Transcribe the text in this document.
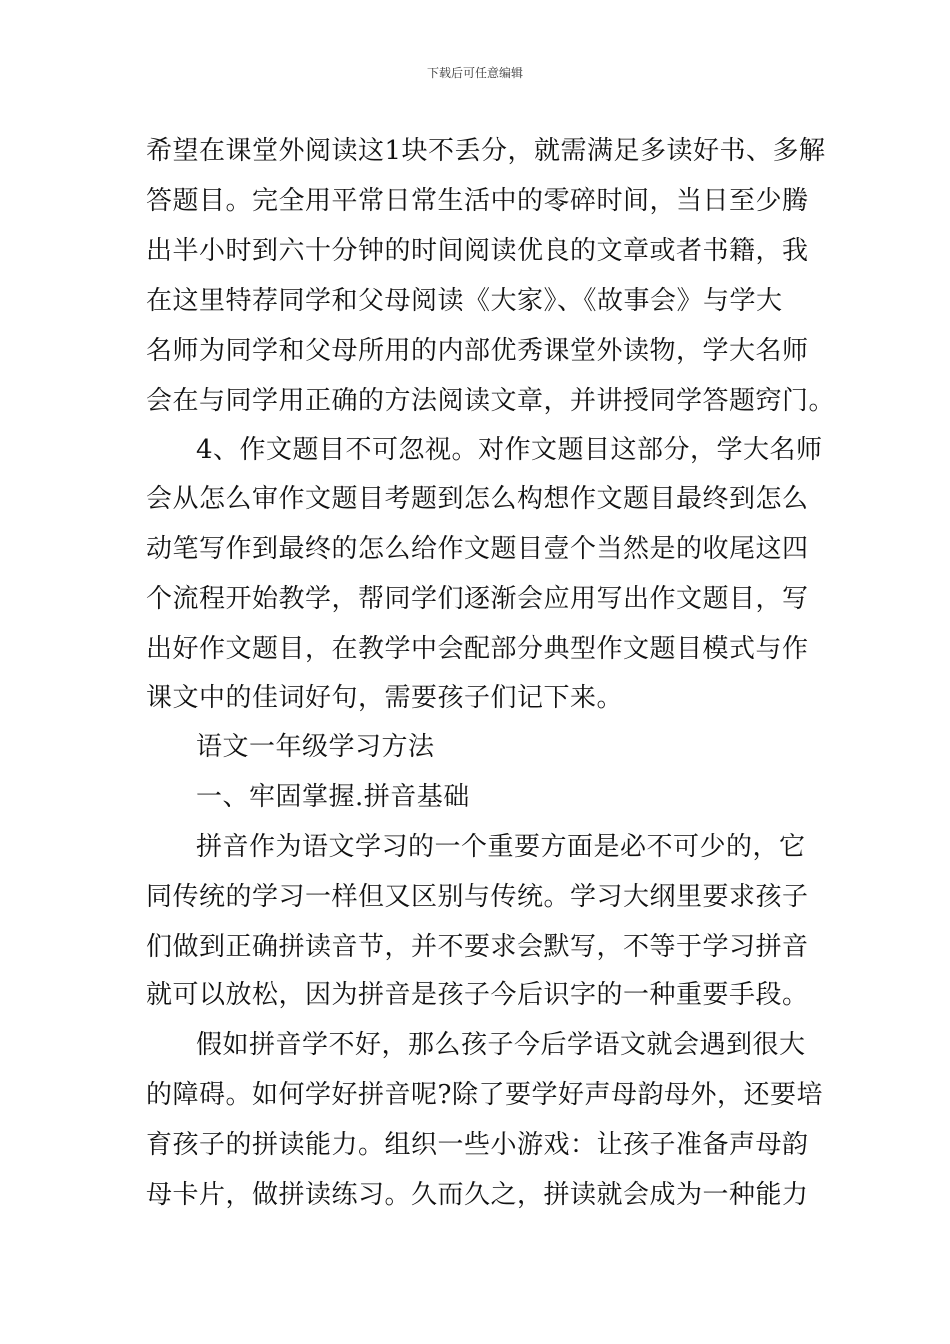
下载后可任意编辑
希望在课堂外阅读这1块不丢分，就需满足多读好书、多解
答题目。完全用平常日常生活中的零碎时间，当日至少腾
出半小时到六十分钟的时间阅读优良的文章或者书籍，我
在这里特荐同学和父母阅读《大家》、《故事会》与学大
名师为同学和父母所用的内部优秀课堂外读物，学大名师
会在与同学用正确的方法阅读文章，并讲授同学答题窍门。
4、作文题目不可忽视。对作文题目这部分，学大名师
会从怎么审作文题目考题到怎么构想作文题目最终到怎么
动笔写作到最终的怎么给作文题目壹个当然是的收尾这四
个流程开始教学，帮同学们逐渐会应用写出作文题目，写
出好作文题目，在教学中会配部分典型作文题目模式与作
课文中的佳词好句，需要孩子们记下来。
语文一年级学习方法
一、牢固掌握.拼音基础
拼音作为语文学习的一个重要方面是必不可少的，它
同传统的学习一样但又区别与传统。学习大纲里要求孩子
们做到正确拼读音节，并不要求会默写，不等于学习拼音
就可以放松，因为拼音是孩子今后识字的一种重要手段。
假如拼音学不好，那么孩子今后学语文就会遇到很大
的障碍。如何学好拼音呢?除了要学好声母韵母外，还要培
育孩子的拼读能力。组织一些小游戏：让孩子准备声母韵
母卡片，做拼读练习。久而久之，拼读就会成为一种能力
